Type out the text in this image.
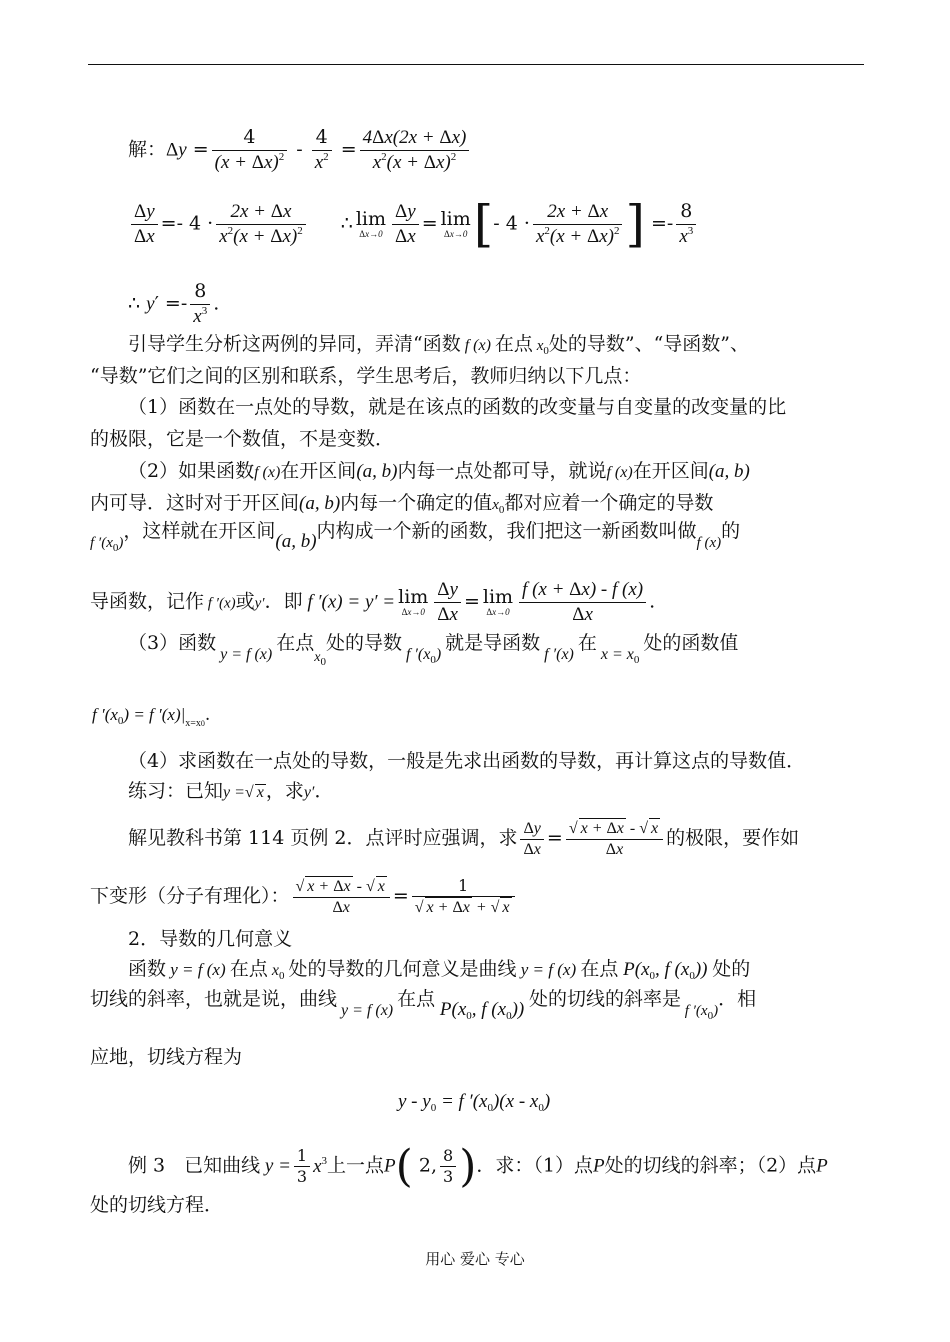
解：$\Delta y = \frac{4}{(x + \Delta x)^2} - \frac{4}{x^2} = \frac{4\Delta x(2x + \Delta x)}{x^2(x + \Delta x)^2}$
$\frac{\Delta y}{\Delta x} =- 4 \cdot \frac{2x + \Delta x}{x^2(x + \Delta x)^2}$ ∴ lim
$\Delta x\to 0 \frac{\Delta y}{\Delta x} = \lim$
Δx→0 [- $4 \cdot \frac{2x + \Delta x}{x^2(x + \Delta x)^2}$ ] =- $\frac{8}{x^3}$
∴ $y' =- \frac{8}{x^3}$ .
引导学生分析这两例的异同，弄清“函数 f (x) 在点 $x_0$处的导数”、“导函数”、
“导数”它们之间的区别和联系，学生思考后，教师归纳以下几点：
（1）函数在一点处的导数，就是在该点的函数的改变量与自变量的改变量的比
的极限，它是一个数值，不是变数．
（2）如果函数f (x)在开区间(a, b)内每一点处都可导，就说f (x)在开区间(a, b)
内可导．这时对于开区间(a, b)内每一个确定的值$x_0$都对应着一个确定的导数
$_{f '(x_0)}$，这样就在开区间(a, b)内构成一个新的函数，我们把这一新函数叫做$_{f (x)}$的
导函数，记作 f ′(x)或y′．即 f ′(x) = y′ = lim
$\Delta x\to 0 \frac{\Delta y}{\Delta x} = \lim$
$\Delta x\to 0 \frac{f (x + \Delta x) - f (x)}{\Delta x}$ .
（3）函数 $_{y = f (x)}$ 在点$_{x_0}$处的导数 $_{f '(x_0)}$ 就是导函数 $_{f '(x)}$ 在 $_{x = x_0}$ 处的函数值
f $'(x_0) = f$ $'(x)|_{x=x0}$.
（4）求函数在一点处的导数，一般是先求出函数的导数，再计算这点的导数值．
练习：已知y =√ x ，求y′．
解见教科书第 114 页例 2．点评时应强调，求 $\frac{\Delta y}{\Delta x} = \frac{√ x + \Delta x - √ x}{\Delta x}$ 的极限，要作如
下变形（分子有理化）： $\frac{√ x + \Delta x - √ x}{\Delta x} = \frac{1}{√ x + \Delta x + √ x}$
2．导数的几何意义
函数 y = f (x) 在点 $x_0$ 处的导数的几何意义是曲线 y = f (x) 在点 $P(x_0$, f $(x_0)$) 处的
切线的斜率，也就是说，曲线 $_{y = f (x)}$ 在点 $P(x_0$, f $(x_0)$) 处的切线的斜率是 $_{f '(x_0)}$．相
应地，切线方程为
$y - y_0 = f$ $'(x_0)(x - x_0)$
例 3　已知曲线 $y = \frac{1}{3} x^3$上一点P( 2, $\frac{8}{3}$ )．求：（1）点P处的切线的斜率；（2）点P
处的切线方程．
用心 爱心 专心
